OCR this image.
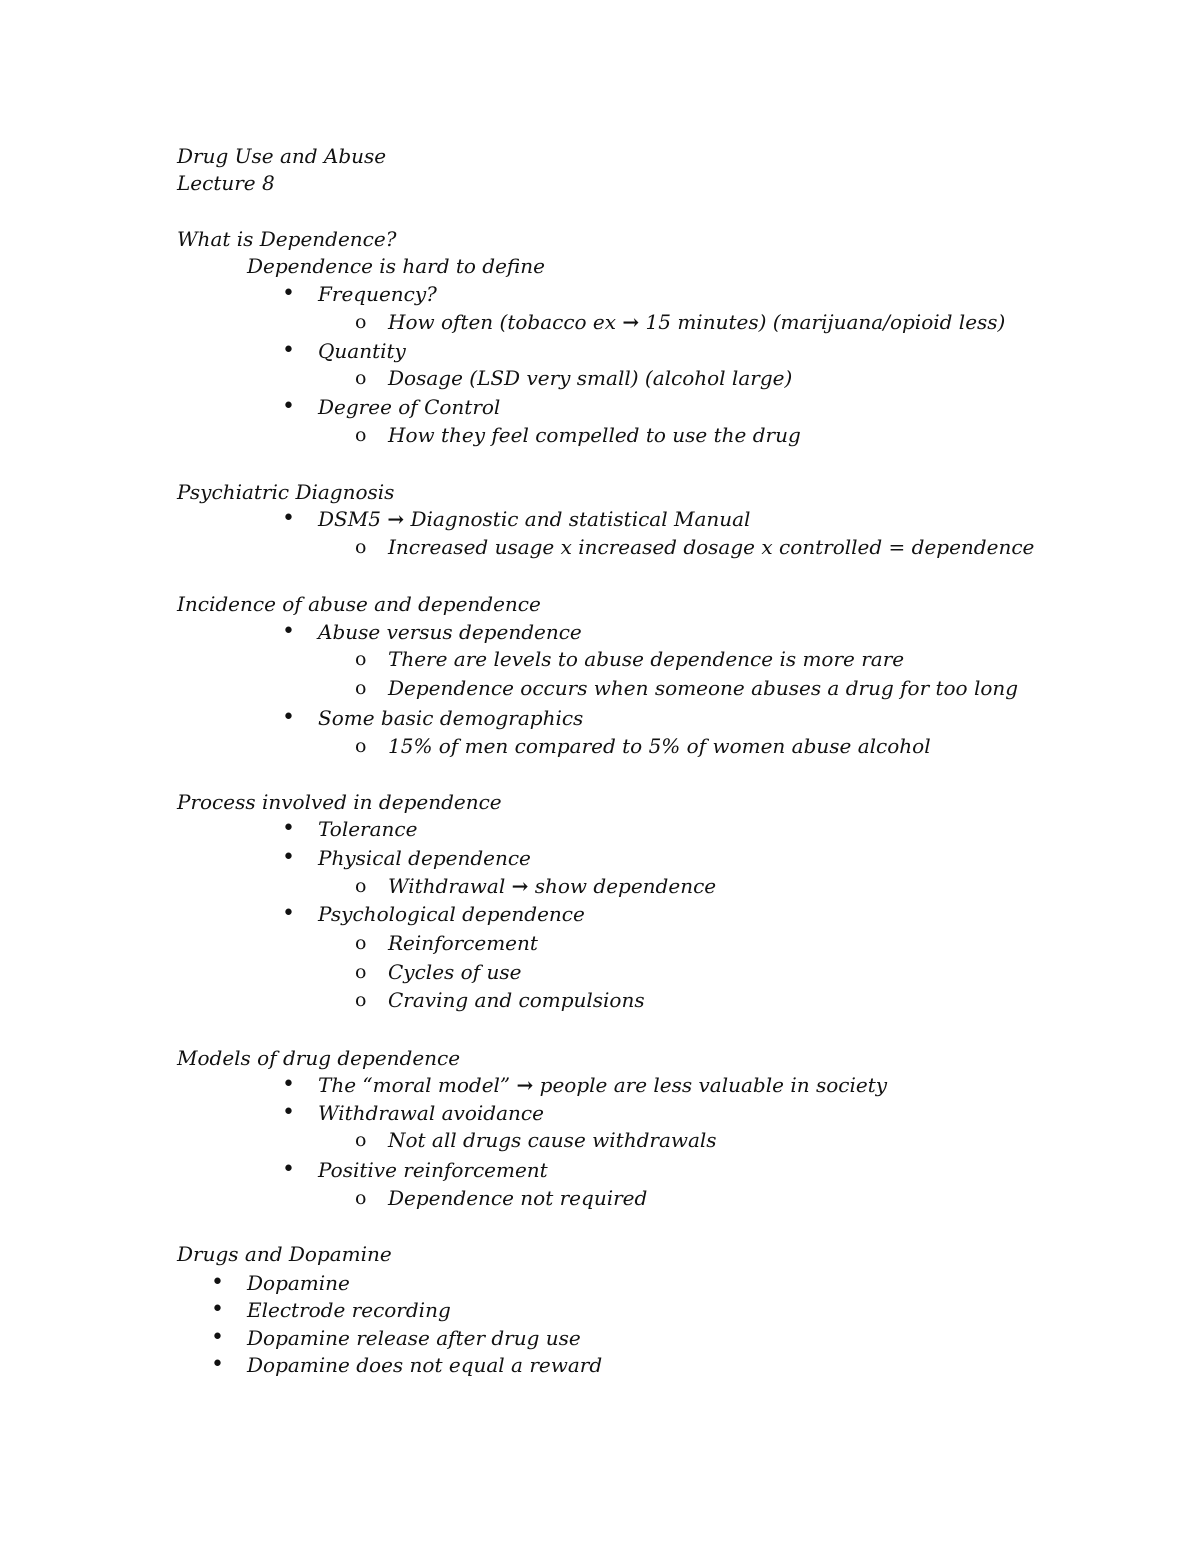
Drug Use and Abuse
Lecture 8
What is Dependence?
Dependence is hard to define
• Frequency?
o How often (tobacco ex → 15 minutes) (marijuana/opioid less)
• Quantity
o Dosage (LSD very small) (alcohol large)
• Degree of Control
o How they feel compelled to use the drug
Psychiatric Diagnosis
• DSM5 → Diagnostic and statistical Manual
o Increased usage x increased dosage x controlled = dependence
Incidence of abuse and dependence
• Abuse versus dependence
o There are levels to abuse dependence is more rare
o Dependence occurs when someone abuses a drug for too long
• Some basic demographics
o 15% of men compared to 5% of women abuse alcohol
Process involved in dependence
• Tolerance
• Physical dependence
o Withdrawal → show dependence
• Psychological dependence
o Reinforcement
o Cycles of use
o Craving and compulsions
Models of drug dependence
• The “moral model” → people are less valuable in society
• Withdrawal avoidance
o Not all drugs cause withdrawals
• Positive reinforcement
o Dependence not required
Drugs and Dopamine
• Dopamine
• Electrode recording
• Dopamine release after drug use
• Dopamine does not equal a reward
